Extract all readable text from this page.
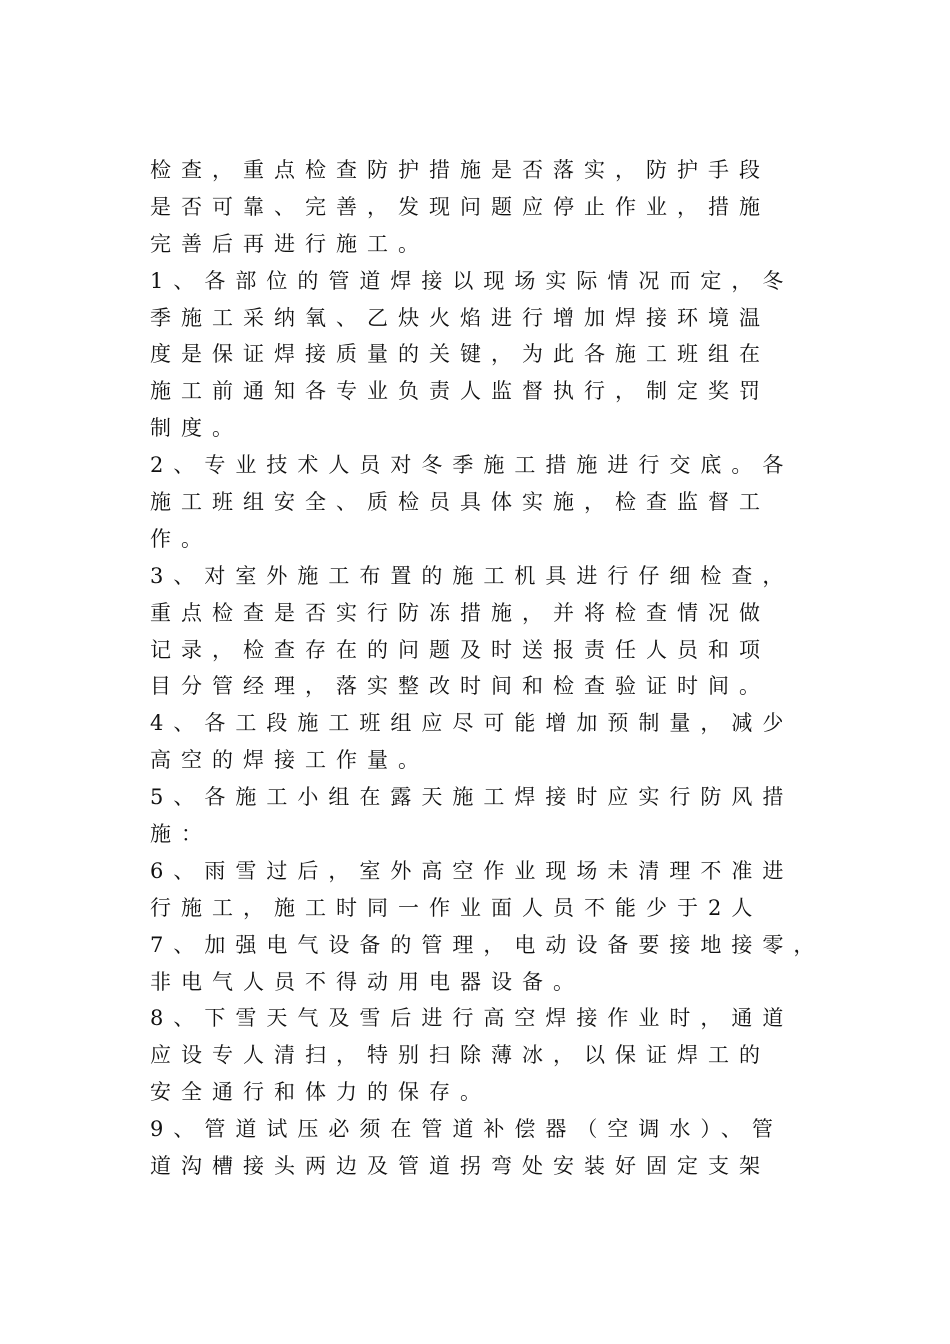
检查，重点检查防护措施是否落实，防护手段
是否可靠、完善，发现问题应停止作业，措施
完善后再进行施工。
1、各部位的管道焊接以现场实际情况而定，冬
季施工采纳氧、乙炔火焰进行增加焊接环境温
度是保证焊接质量的关键，为此各施工班组在
施工前通知各专业负责人监督执行，制定奖罚
制度。
2、专业技术人员对冬季施工措施进行交底。各
施工班组安全、质检员具体实施，检查监督工
作。
3、对室外施工布置的施工机具进行仔细检查，
重点检查是否实行防冻措施，并将检查情况做
记录，检查存在的问题及时送报责任人员和项
目分管经理，落实整改时间和检查验证时间。
4、各工段施工班组应尽可能增加预制量，减少
高空的焊接工作量。
5、各施工小组在露天施工焊接时应实行防风措
施：
6、雨雪过后，室外高空作业现场未清理不准进
行施工，施工时同一作业面人员不能少于2人
7、加强电气设备的管理，电动设备要接地接零，
非电气人员不得动用电器设备。
8、下雪天气及雪后进行高空焊接作业时，通道
应设专人清扫，特别扫除薄冰，以保证焊工的
安全通行和体力的保存。
9、管道试压必须在管道补偿器（空调水）、管
道沟槽接头两边及管道拐弯处安装好固定支架
